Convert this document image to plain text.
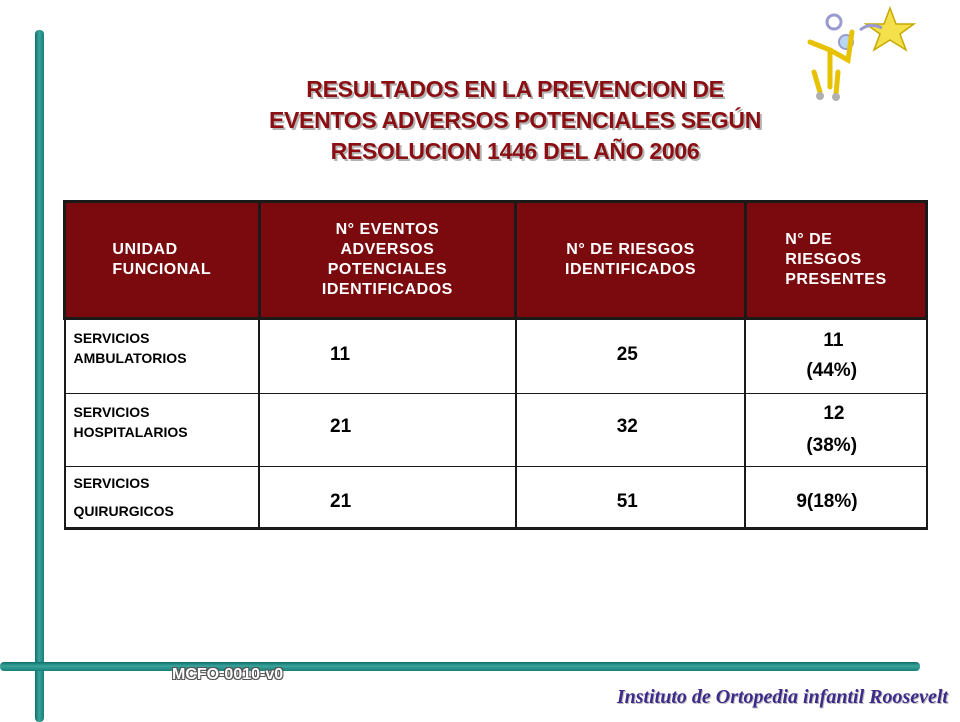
RESULTADOS EN LA PREVENCION DE
EVENTOS ADVERSOS POTENCIALES SEGÚN
RESOLUCION 1446 DEL AÑO 2006
UNIDAD
FUNCIONAL	N° EVENTOS
ADVERSOS
POTENCIALES
IDENTIFICADOS	N° DE RIESGOS
IDENTIFICADOS	N° DE
RIESGOS
PRESENTES
SERVICIOS
AMBULATORIOS	11	25	11
(44%)

SERVICIOS
HOSPITALARIOS	21	32	12
(38%)

SERVICIOS
QUIRURGICOS	21	51	9(18%)
MCFO-0010-v0
Instituto de Ortopedia infantil Roosevelt
